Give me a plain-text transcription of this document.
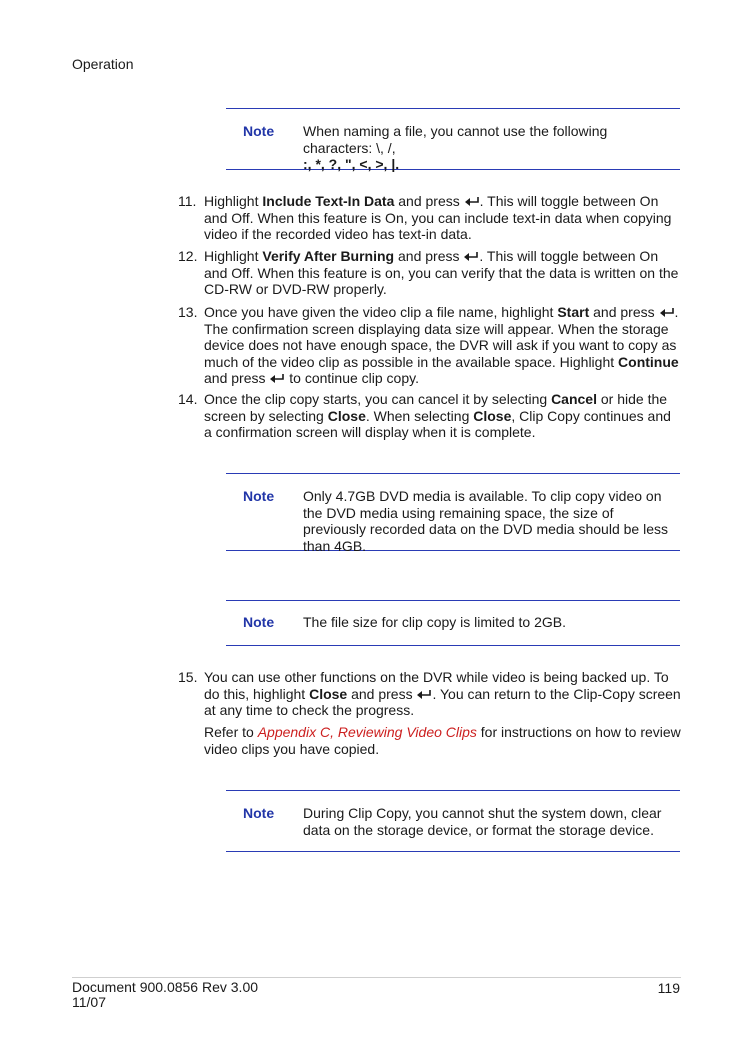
Operation
Note When naming a file, you cannot use the following characters: \, /,
:, *, ?, ", <, >, |.
11. Highlight Include Text-In Data and press . This will toggle between On and Off. When this feature is On, you can include text-in data when copying video if the recorded video has text-in data.
12. Highlight Verify After Burning and press . This will toggle between On and Off. When this feature is on, you can verify that the data is written on the CD-RW or DVD-RW properly.
13. Once you have given the video clip a file name, highlight Start and press . The confirmation screen displaying data size will appear. When the storage device does not have enough space, the DVR will ask if you want to copy as much of the video clip as possible in the available space. Highlight Continue and press  to continue clip copy.
14. Once the clip copy starts, you can cancel it by selecting Cancel or hide the screen by selecting Close. When selecting Close, Clip Copy continues and a confirmation screen will display when it is complete.
Note Only 4.7GB DVD media is available. To clip copy video on the DVD media using remaining space, the size of previously recorded data on the DVD media should be less than 4GB.
Note The file size for clip copy is limited to 2GB.
15. You can use other functions on the DVR while video is being backed up. To do this, highlight Close and press . You can return to the Clip-Copy screen at any time to check the progress.
Refer to Appendix C, Reviewing Video Clips for instructions on how to review video clips you have copied.
Note During Clip Copy, you cannot shut the system down, clear data on the storage device, or format the storage device.
Document 900.0856 Rev 3.00
11/07
119
